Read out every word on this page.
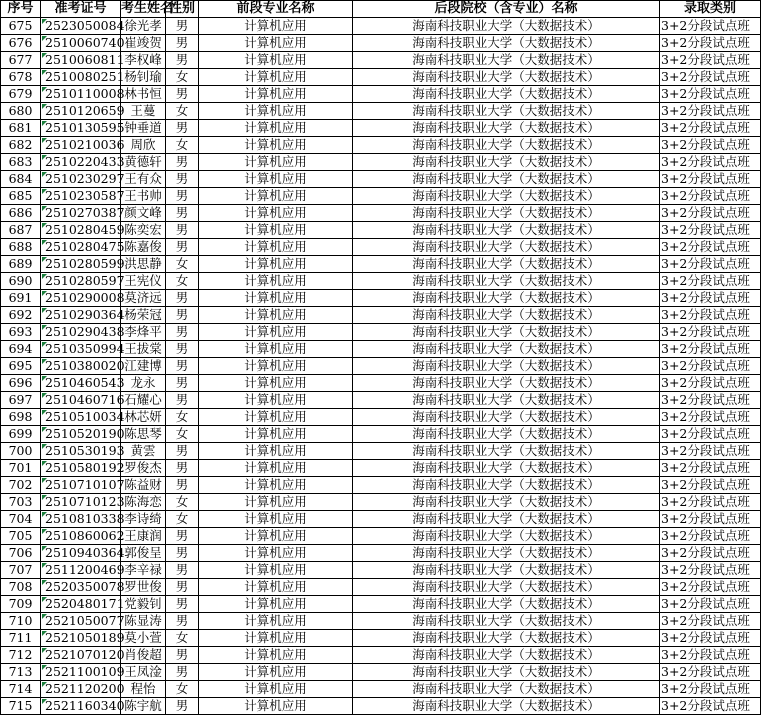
序号	准考证号	考生姓名	性别	前段专业名称	后段院校（含专业）名称	录取类别
675	2523050084	徐光孝	男	计算机应用	海南科技职业大学（大数据技术）	3+2分段试点班
676	2510060740	崔竣贺	男	计算机应用	海南科技职业大学（大数据技术）	3+2分段试点班
677	2510060811	李权峰	男	计算机应用	海南科技职业大学（大数据技术）	3+2分段试点班
678	2510080251	杨钊瑜	女	计算机应用	海南科技职业大学（大数据技术）	3+2分段试点班
679	2510110008	林书恒	男	计算机应用	海南科技职业大学（大数据技术）	3+2分段试点班
680	2510120659	王蔓	女	计算机应用	海南科技职业大学（大数据技术）	3+2分段试点班
681	2510130595	钟垂道	男	计算机应用	海南科技职业大学（大数据技术）	3+2分段试点班
682	2510210036	周欣	女	计算机应用	海南科技职业大学（大数据技术）	3+2分段试点班
683	2510220433	黄德轩	男	计算机应用	海南科技职业大学（大数据技术）	3+2分段试点班
684	2510230297	王有众	男	计算机应用	海南科技职业大学（大数据技术）	3+2分段试点班
685	2510230587	王书帅	男	计算机应用	海南科技职业大学（大数据技术）	3+2分段试点班
686	2510270387	颜文峰	男	计算机应用	海南科技职业大学（大数据技术）	3+2分段试点班
687	2510280459	陈奕宏	男	计算机应用	海南科技职业大学（大数据技术）	3+2分段试点班
688	2510280475	陈嘉俊	男	计算机应用	海南科技职业大学（大数据技术）	3+2分段试点班
689	2510280599	洪思静	女	计算机应用	海南科技职业大学（大数据技术）	3+2分段试点班
690	2510280597	王宪仪	女	计算机应用	海南科技职业大学（大数据技术）	3+2分段试点班
691	2510290008	莫济远	男	计算机应用	海南科技职业大学（大数据技术）	3+2分段试点班
692	2510290364	杨荣冠	男	计算机应用	海南科技职业大学（大数据技术）	3+2分段试点班
693	2510290438	李烽平	男	计算机应用	海南科技职业大学（大数据技术）	3+2分段试点班
694	2510350994	王拔棠	男	计算机应用	海南科技职业大学（大数据技术）	3+2分段试点班
695	2510380020	江建博	男	计算机应用	海南科技职业大学（大数据技术）	3+2分段试点班
696	2510460543	龙永	男	计算机应用	海南科技职业大学（大数据技术）	3+2分段试点班
697	2510460716	石耀心	男	计算机应用	海南科技职业大学（大数据技术）	3+2分段试点班
698	2510510034	林芯妍	女	计算机应用	海南科技职业大学（大数据技术）	3+2分段试点班
699	2510520190	陈思琴	女	计算机应用	海南科技职业大学（大数据技术）	3+2分段试点班
700	2510530193	黄雲	男	计算机应用	海南科技职业大学（大数据技术）	3+2分段试点班
701	2510580192	罗俊杰	男	计算机应用	海南科技职业大学（大数据技术）	3+2分段试点班
702	2510710107	陈益财	男	计算机应用	海南科技职业大学（大数据技术）	3+2分段试点班
703	2510710123	陈海恋	女	计算机应用	海南科技职业大学（大数据技术）	3+2分段试点班
704	2510810338	李诗绮	女	计算机应用	海南科技职业大学（大数据技术）	3+2分段试点班
705	2510860062	王康润	男	计算机应用	海南科技职业大学（大数据技术）	3+2分段试点班
706	2510940364	郭俊呈	男	计算机应用	海南科技职业大学（大数据技术）	3+2分段试点班
707	2511200469	李辛禄	男	计算机应用	海南科技职业大学（大数据技术）	3+2分段试点班
708	2520350078	罗世俊	男	计算机应用	海南科技职业大学（大数据技术）	3+2分段试点班
709	2520480171	党毅钊	男	计算机应用	海南科技职业大学（大数据技术）	3+2分段试点班
710	2521050077	陈显涛	男	计算机应用	海南科技职业大学（大数据技术）	3+2分段试点班
711	2521050189	莫小萱	女	计算机应用	海南科技职业大学（大数据技术）	3+2分段试点班
712	2521070120	肖俊超	男	计算机应用	海南科技职业大学（大数据技术）	3+2分段试点班
713	2521100109	王凤淦	男	计算机应用	海南科技职业大学（大数据技术）	3+2分段试点班
714	2521120200	程怡	女	计算机应用	海南科技职业大学（大数据技术）	3+2分段试点班
715	2521160340	陈宇航	男	计算机应用	海南科技职业大学（大数据技术）	3+2分段试点班
